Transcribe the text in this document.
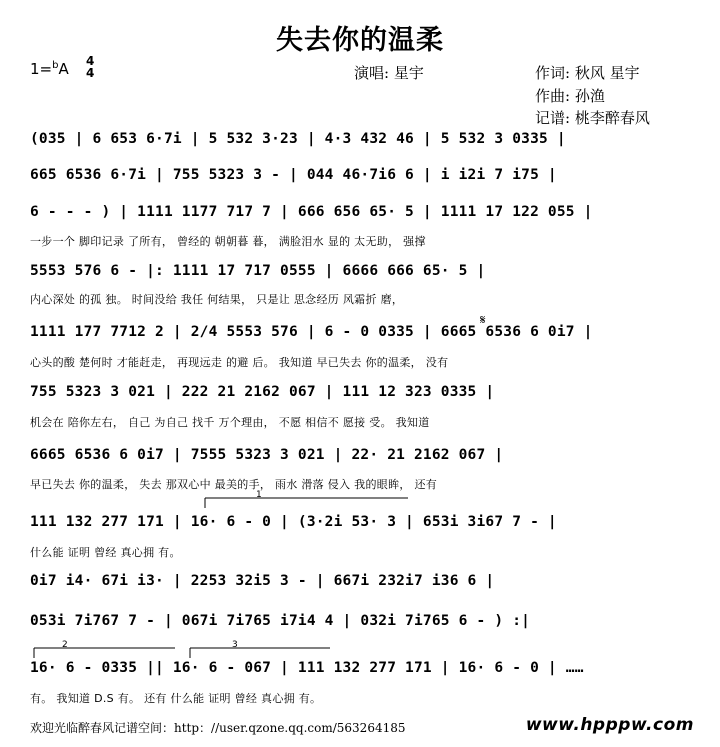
失去你的温柔
1=$^b$A 4
4	演唱: 星宇	作词: 秋风 星宇
作曲: 孙渔
记谱: 桃李醉春风
(035 | 6 653 6·7i | 5 532 3·23 | 4·3 432 46 | 5 532 3 0335 |
665 6536 6·7i | 755 5323 3 - | 044 46·7i6 6 | i i2i 7 i75 |
6 - - - ) | 1111 1177 717 7 | 666 656 65· 5 | 1111 17 122 055 |
一步一个 脚印记录 了所有， 曾经的 朝朝暮 暮， 满脸泪水 显的 太无助， 强撑
5553 576 6 - |: 1111 17 717 0555 | 6666 666 65· 5 |
内心深处 的孤 独。 时间没给 我任 何结果， 只是让 思念经历 风霜折 磨，
1111 177 7712 2 | 2/4 5553 576 | 6 - 0 0335 | 6665 6536 6 0i7 |
心头的酸 楚何时 才能赶走， 再现远走 的避 后。 我知道 早已失去 你的温柔， 没有
755 5323 3 021 | 222 21 2162 067 | 111 12 323 0335 |
机会在 陪你左右， 自己 为自己 找千 万个理由， 不愿 相信不 愿接 受。 我知道
6665 6536 6 0i7 | 7555 5323 3 021 | 22· 21 2162 067 |
早已失去 你的温柔， 失去 那双心中 最美的手， 雨水 滑落 侵入 我的眼眸， 还有
111 132 277 171 | 16· 6 - 0 | (3·2i 53· 3 | 653i 3i67 7 - |
什么能 证明 曾经 真心拥 有。
0i7 i4· 67i i3· | 2253 32i5 3 - | 667i 232i7 i36 6 |
053i 7i767 7 - | 067i 7i765 i7i4 4 | 032i 7i765 6 - ) :|
16· 6 - 0335 || 16· 6 - 067 | 111 132 277 171 | 16· 6 - 0 | ……
有。 我知道 D.S 有。 还有 什么能 证明 曾经 真心拥 有。
𝄋
1
2	3
欢迎光临醉春风记谱空间：http：//user.qzone.qq.com/563264185	www.hpppw.com
